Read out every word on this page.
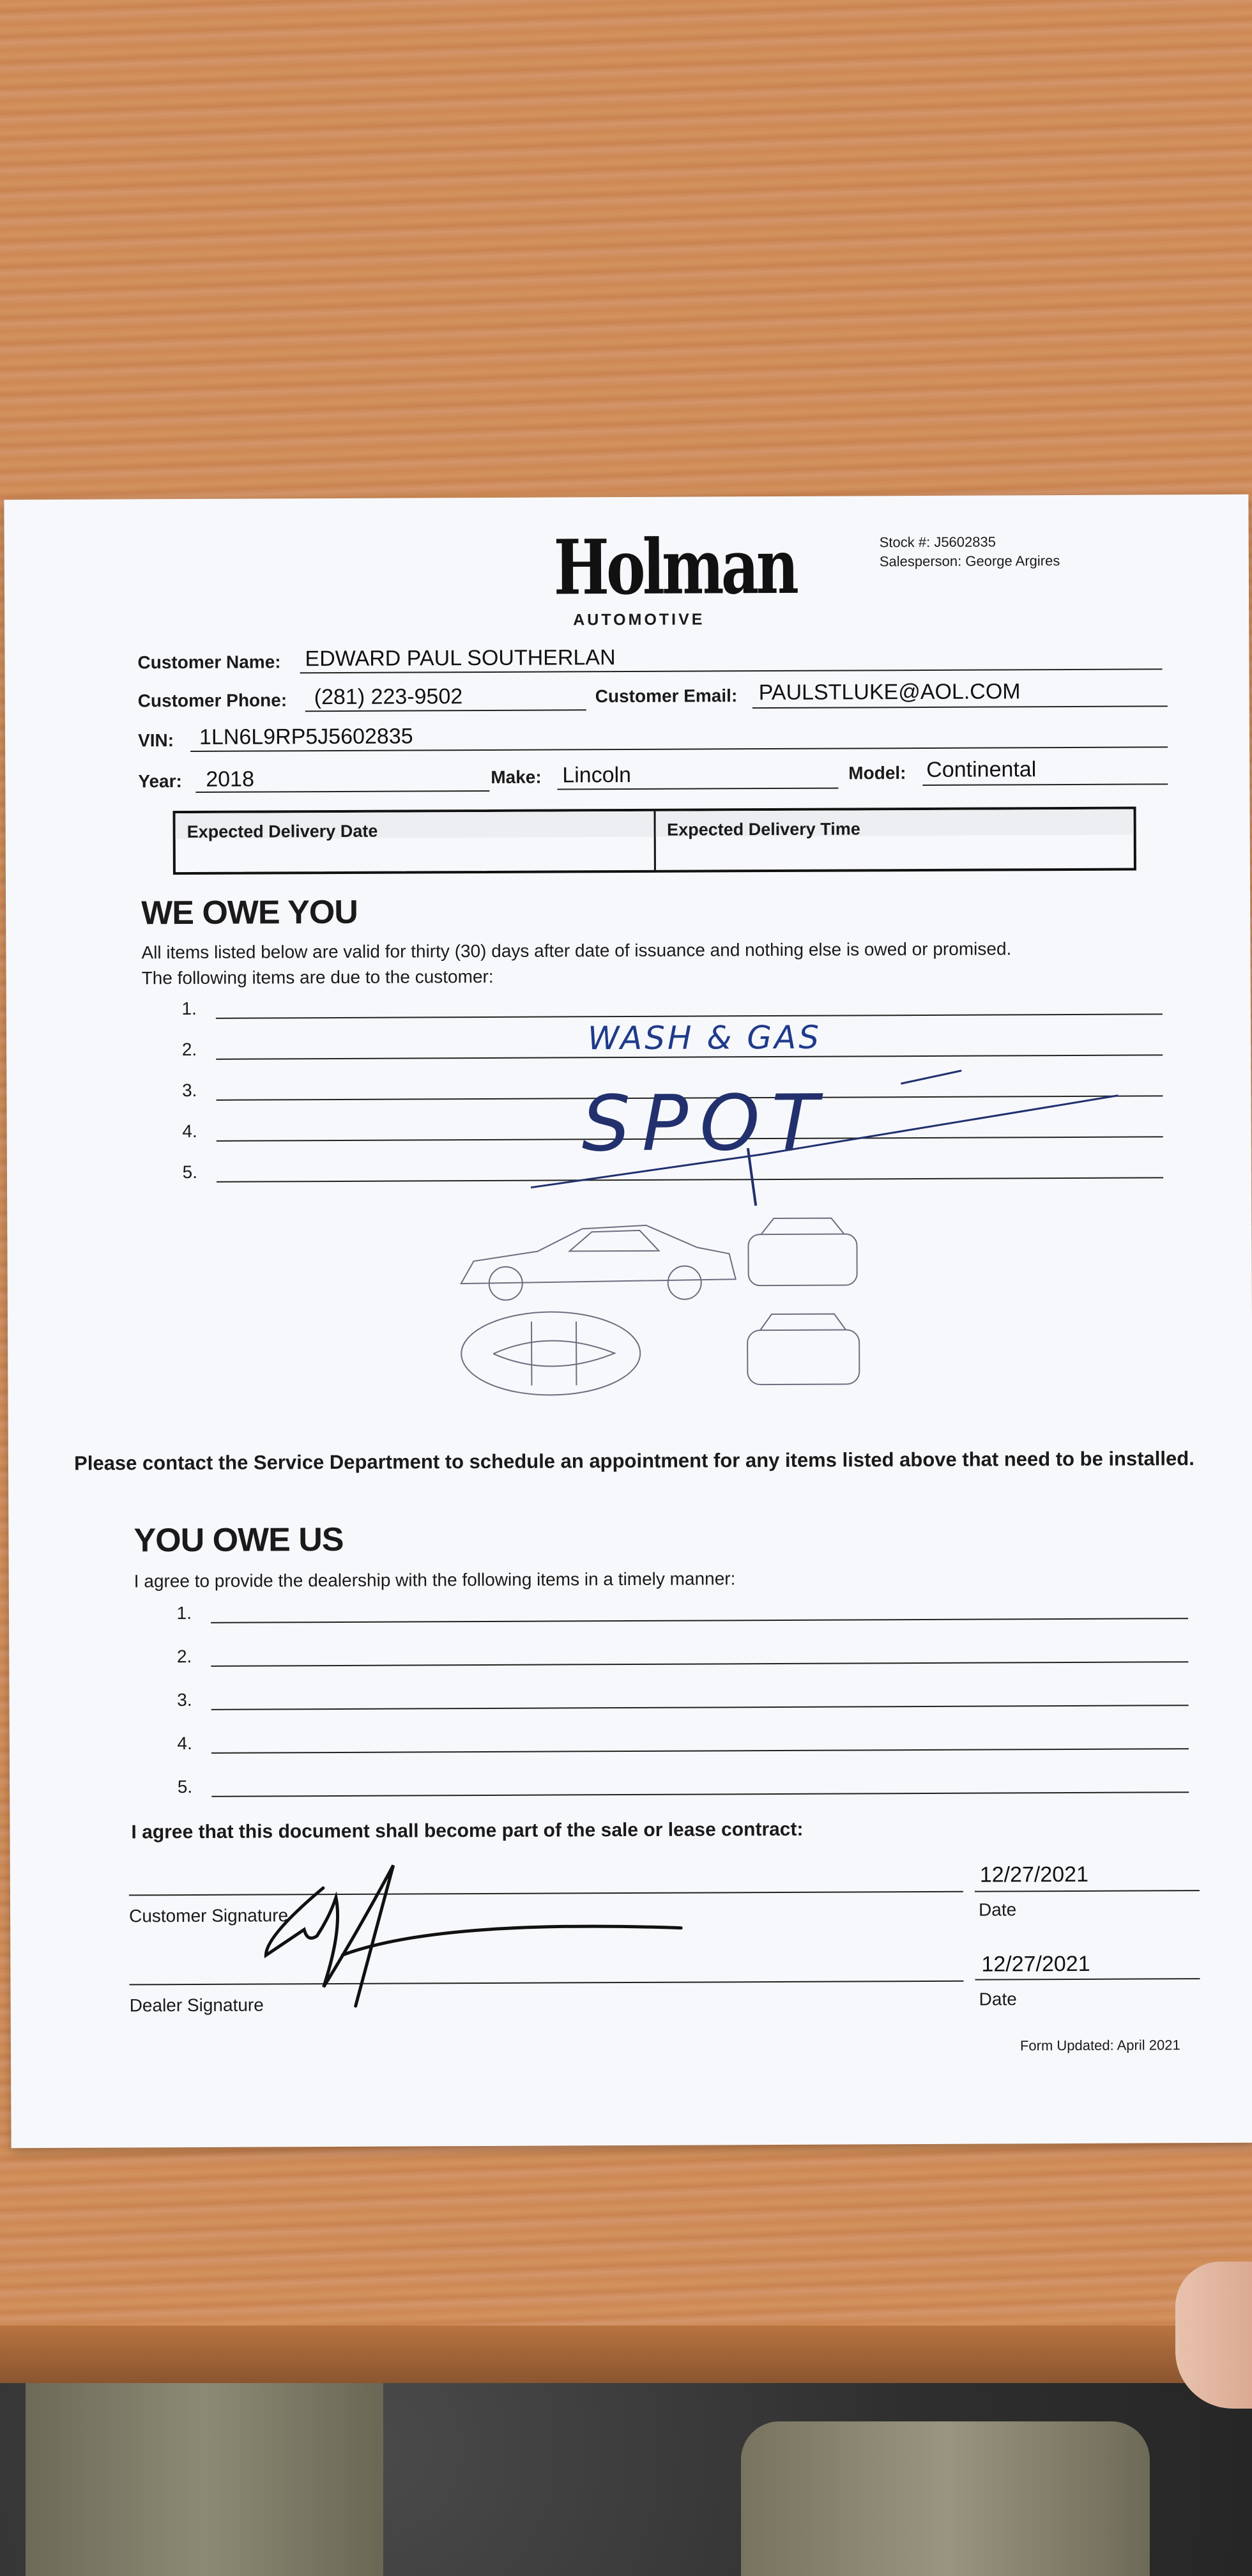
Holman
AUTOMOTIVE
Stock #: J5602835
Salesperson: George Argires
Customer Name: EDWARD PAUL SOUTHERLAN
Customer Phone: (281) 223-9502	Customer Email: PAULSTLUKE@AOL.COM
VIN: 1LN6L9RP5J5602835
Year: 2018	Make: Lincoln	Model: Continental
Expected Delivery Date	Expected Delivery Time
WE OWE YOU
All items listed below are valid for thirty (30) days after date of issuance and nothing else is owed or promised.
The following items are due to the customer:
1.
2.
3.
4.
5.
WASH & GAS
SPOT
Please contact the Service Department to schedule an appointment for any items listed above that need to be installed.
YOU OWE US
I agree to provide the dealership with the following items in a timely manner:
1.
2.
3.
4.
5.
I agree that this document shall become part of the sale or lease contract:
Customer Signature
12/27/2021
Date
Dealer Signature
12/27/2021
Date
Form Updated: April 2021
